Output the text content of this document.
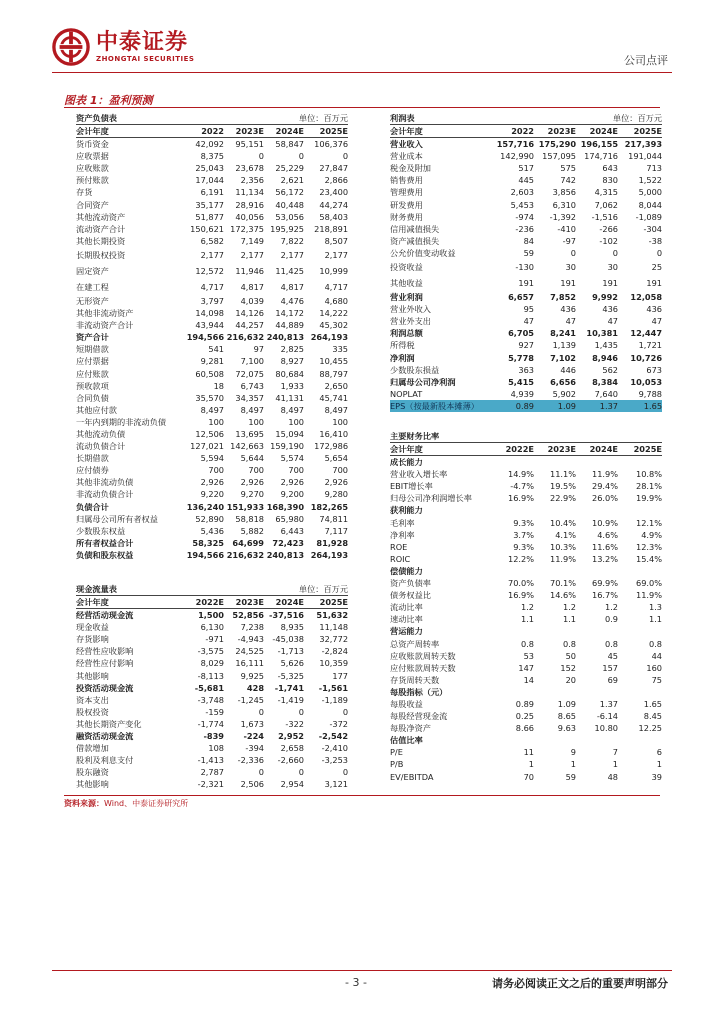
中泰证券
ZHONGTAI SECURITIES	公司点评
图表 1：盈利预测
资产负债表		单位：百万元		
会计年度	2022	2023E	2024E	2025E
货币资金	42,092	95,151	58,847	106,376
应收票据	8,375	0	0	0
应收账款	25,043	23,678	25,229	27,847
预付账款	17,044	2,356	2,621	2,866
存货	6,191	11,134	56,172	23,400
合同资产	35,177	28,916	40,448	44,274
其他流动资产	51,877	40,056	53,056	58,403
流动资产合计	150,621	172,375	195,925	218,891
其他长期投资	6,582	7,149	7,822	8,507
长期股权投资	2,177	2,177	2,177	2,177
固定资产	12,572	11,946	11,425	10,999
在建工程	4,717	4,817	4,817	4,717
无形资产	3,797	4,039	4,476	4,680
其他非流动资产	14,098	14,126	14,172	14,222
非流动资产合计	43,944	44,257	44,889	45,302
资产合计	194,566	216,632	240,813	264,193
短期借款	541	97	2,825	335
应付票据	9,281	7,100	8,927	10,455
应付账款	60,508	72,075	80,684	88,797
预收款项	18	6,743	1,933	2,650
合同负债	35,570	34,357	41,131	45,741
其他应付款	8,497	8,497	8,497	8,497
一年内到期的非流动负债	100	100	100	100
其他流动负债	12,506	13,695	15,094	16,410
流动负债合计	127,021	142,663	159,190	172,986
长期借款	5,594	5,644	5,574	5,654
应付债券	700	700	700	700
其他非流动负债	2,926	2,926	2,926	2,926
非流动负债合计	9,220	9,270	9,200	9,280
负债合计	136,240	151,933	168,390	182,265
归属母公司所有者权益	52,890	58,818	65,980	74,811
少数股东权益	5,436	5,882	6,443	7,117
所有者权益合计	58,325	64,699	72,423	81,928
负债和股东权益	194,566	216,632	240,813	264,193
现金流量表		单位：百万元		
会计年度	2022E	2023E	2024E	2025E
经营活动现金流	1,500	52,856	-37,516	51,632
现金收益	6,130	7,238	8,935	11,148
存货影响	-971	-4,943	-45,038	32,772
经营性应收影响	-3,575	24,525	-1,713	-2,824
经营性应付影响	8,029	16,111	5,626	10,359
其他影响	-8,113	9,925	-5,325	177
投资活动现金流	-5,681	428	-1,741	-1,561
资本支出	-3,748	-1,245	-1,419	-1,189
股权投资	-159	0	0	0
其他长期资产变化	-1,774	1,673	-322	-372
融资活动现金流	-839	-224	2,952	-2,542
借款增加	108	-394	2,658	-2,410
股利及利息支付	-1,413	-2,336	-2,660	-3,253
股东融资	2,787	0	0	0
其他影响	-2,321	2,506	2,954	3,121
利润表		单位：百万元		
会计年度	2022	2023E	2024E	2025E
营业收入	157,716	175,290	196,155	217,393
营业成本	142,990	157,095	174,716	191,044
税金及附加	517	575	643	713
销售费用	445	742	830	1,522
管理费用	2,603	3,856	4,315	5,000
研发费用	5,453	6,310	7,062	8,044
财务费用	-974	-1,392	-1,516	-1,089
信用减值损失	-236	-410	-266	-304
资产减值损失	84	-97	-102	-38
公允价值变动收益	59	0	0	0
投资收益	-130	30	30	25
其他收益	191	191	191	191
营业利润	6,657	7,852	9,992	12,058
营业外收入	95	436	436	436
营业外支出	47	47	47	47
利润总额	6,705	8,241	10,381	12,447
所得税	927	1,139	1,435	1,721
净利润	5,778	7,102	8,946	10,726
少数股东损益	363	446	562	673
归属母公司净利润	5,415	6,656	8,384	10,053
NOPLAT	4,939	5,902	7,640	9,788
EPS（按最新股本摊薄）	0.89	1.09	1.37	1.65
主要财务比率				
会计年度	2022E	2023E	2024E	2025E
成长能力				
营业收入增长率	14.9%	11.1%	11.9%	10.8%
EBIT增长率	-4.7%	19.5%	29.4%	28.1%
归母公司净利润增长率	16.9%	22.9%	26.0%	19.9%
获利能力				
毛利率	9.3%	10.4%	10.9%	12.1%
净利率	3.7%	4.1%	4.6%	4.9%
ROE	9.3%	10.3%	11.6%	12.3%
ROIC	12.2%	11.9%	13.2%	15.4%
偿债能力				
资产负债率	70.0%	70.1%	69.9%	69.0%
债务权益比	16.9%	14.6%	16.7%	11.9%
流动比率	1.2	1.2	1.2	1.3
速动比率	1.1	1.1	0.9	1.1
营运能力				
总资产周转率	0.8	0.8	0.8	0.8
应收账款周转天数	53	50	45	44
应付账款周转天数	147	152	157	160
存货周转天数	14	20	69	75
每股指标（元）				
每股收益	0.89	1.09	1.37	1.65
每股经营现金流	0.25	8.65	-6.14	8.45
每股净资产	8.66	9.63	10.80	12.25
估值比率				
P/E	11	9	7	6
P/B	1	1	1	1
EV/EBITDA	70	59	48	39
资料来源：Wind、中泰证券研究所
- 3 -	请务必阅读正文之后的重要声明部分
